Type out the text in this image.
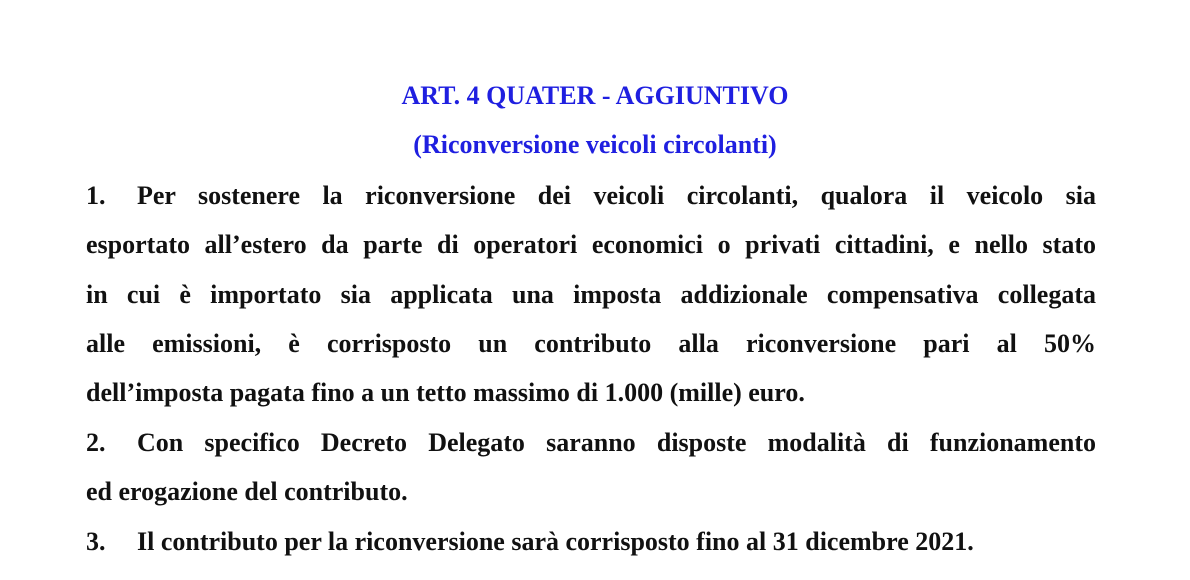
ART. 4 QUATER - AGGIUNTIVO
(Riconversione veicoli circolanti)
1. Per sostenere la riconversione dei veicoli circolanti, qualora il veicolo sia
esportato all’estero da parte di operatori economici o privati cittadini, e nello stato
in cui è importato sia applicata una imposta addizionale compensativa collegata
alle emissioni, è corrisposto un contributo alla riconversione pari al 50%
dell’imposta pagata fino a un tetto massimo di 1.000 (mille) euro.
2. Con specifico Decreto Delegato saranno disposte modalità di funzionamento
ed erogazione del contributo.
3. Il contributo per la riconversione sarà corrisposto fino al 31 dicembre 2021.
